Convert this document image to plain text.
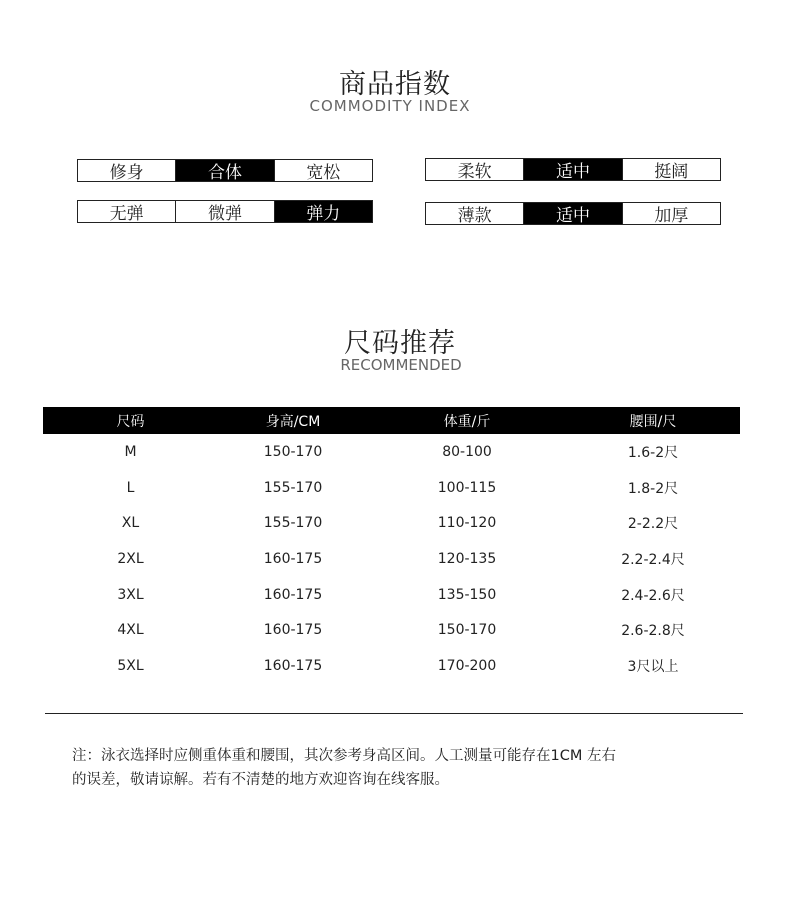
商品指数
COMMODITY INDEX
修身	合体	宽松
无弹	微弹	弹力
柔软	适中	挺阔
薄款	适中	加厚
尺码推荐
RECOMMENDED
尺码	身高/CM	体重/斤	腰围/尺
M	150-170	80-100	1.6-2尺
L	155-170	100-115	1.8-2尺
XL	155-170	110-120	2-2.2尺
2XL	160-175	120-135	2.2-2.4尺
3XL	160-175	135-150	2.4-2.6尺
4XL	160-175	150-170	2.6-2.8尺
5XL	160-175	170-200	3尺以上
注：泳衣选择时应侧重体重和腰围，其次参考身高区间。人工测量可能存在1CM 左右
的误差，敬请谅解。若有不清楚的地方欢迎咨询在线客服。
